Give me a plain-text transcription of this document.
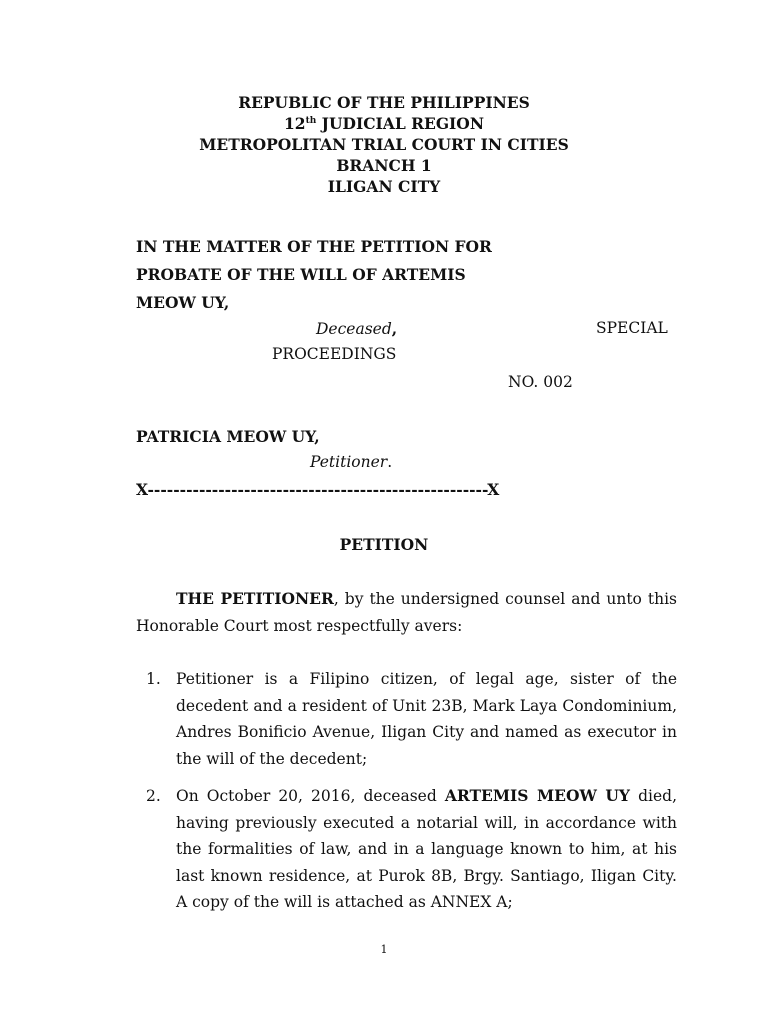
REPUBLIC OF THE PHILIPPINES
12th JUDICIAL REGION
METROPOLITAN TRIAL COURT IN CITIES
BRANCH 1
ILIGAN CITY
IN THE MATTER OF THE PETITION FOR
PROBATE OF THE WILL OF ARTEMIS
MEOW UY,
Deceased,	SPECIAL
PROCEEDINGS
NO. 002
PATRICIA MEOW UY,
Petitioner.
X-----------------------------------------------------X
PETITION
THE PETITIONER, by the undersigned counsel and unto this Honorable Court most respectfully avers:
1. Petitioner is a Filipino citizen, of legal age, sister of the decedent and a resident of Unit 23B, Mark Laya Condominium, Andres Bonificio Avenue, Iligan City and named as executor in the will of the decedent;
2. On October 20, 2016, deceased ARTEMIS MEOW UY died, having previously executed a notarial will, in accordance with the formalities of law, and in a language known to him, at his last known residence, at Purok 8B, Brgy. Santiago, Iligan City. A copy of the will is attached as ANNEX A;
1
